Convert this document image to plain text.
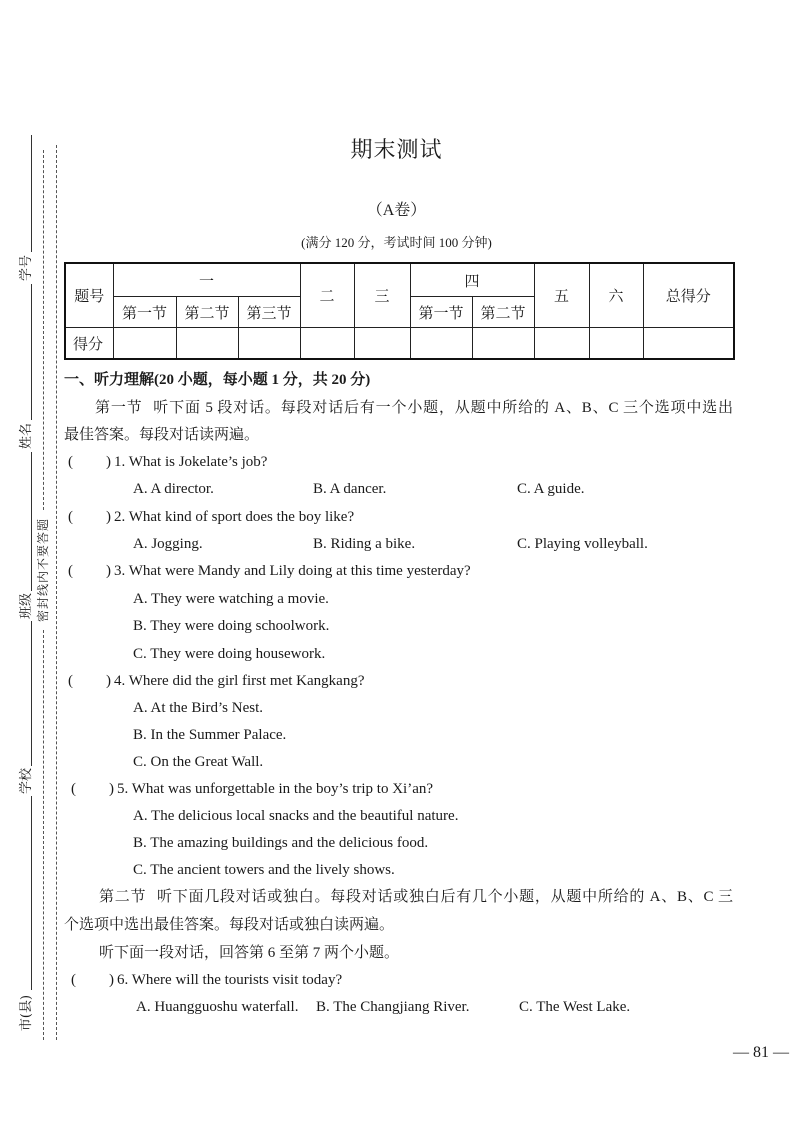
学号
姓名
班级
学校
市(县)
密封线内不要答题
期末测试
（A卷）
(满分 120 分，考试时间 100 分钟)
题号	一			二	三	四		五	六	总得分
	第一节	第二节	第三节			第一节	第二节			
得分										
一、听力理解(20 小题，每小题 1 分，共 20 分)
第一节 听下面 5 段对话。每段对话后有一个小题，从题中所给的 A、B、C 三个选项中选出
最佳答案。每段对话读两遍。
( ) 1. What is Jokelate’s job?
A. A director.	B. A dancer.	C. A guide.
( ) 2. What kind of sport does the boy like?
A. Jogging.	B. Riding a bike.	C. Playing volleyball.
( ) 3. What were Mandy and Lily doing at this time yesterday?
A. They were watching a movie.
B. They were doing schoolwork.
C. They were doing housework.
( ) 4. Where did the girl first met Kangkang?
A. At the Bird’s Nest.
B. In the Summer Palace.
C. On the Great Wall.
( ) 5. What was unforgettable in the boy’s trip to Xi’an?
A. The delicious local snacks and the beautiful nature.
B. The amazing buildings and the delicious food.
C. The ancient towers and the lively shows.
第二节 听下面几段对话或独白。每段对话或独白后有几个小题，从题中所给的 A、B、C 三
个选项中选出最佳答案。每段对话或独白读两遍。
听下面一段对话，回答第 6 至第 7 两个小题。
( ) 6. Where will the tourists visit today?
A. Huangguoshu waterfall. B. The Changjiang River.	C. The West Lake.
— 81 —
